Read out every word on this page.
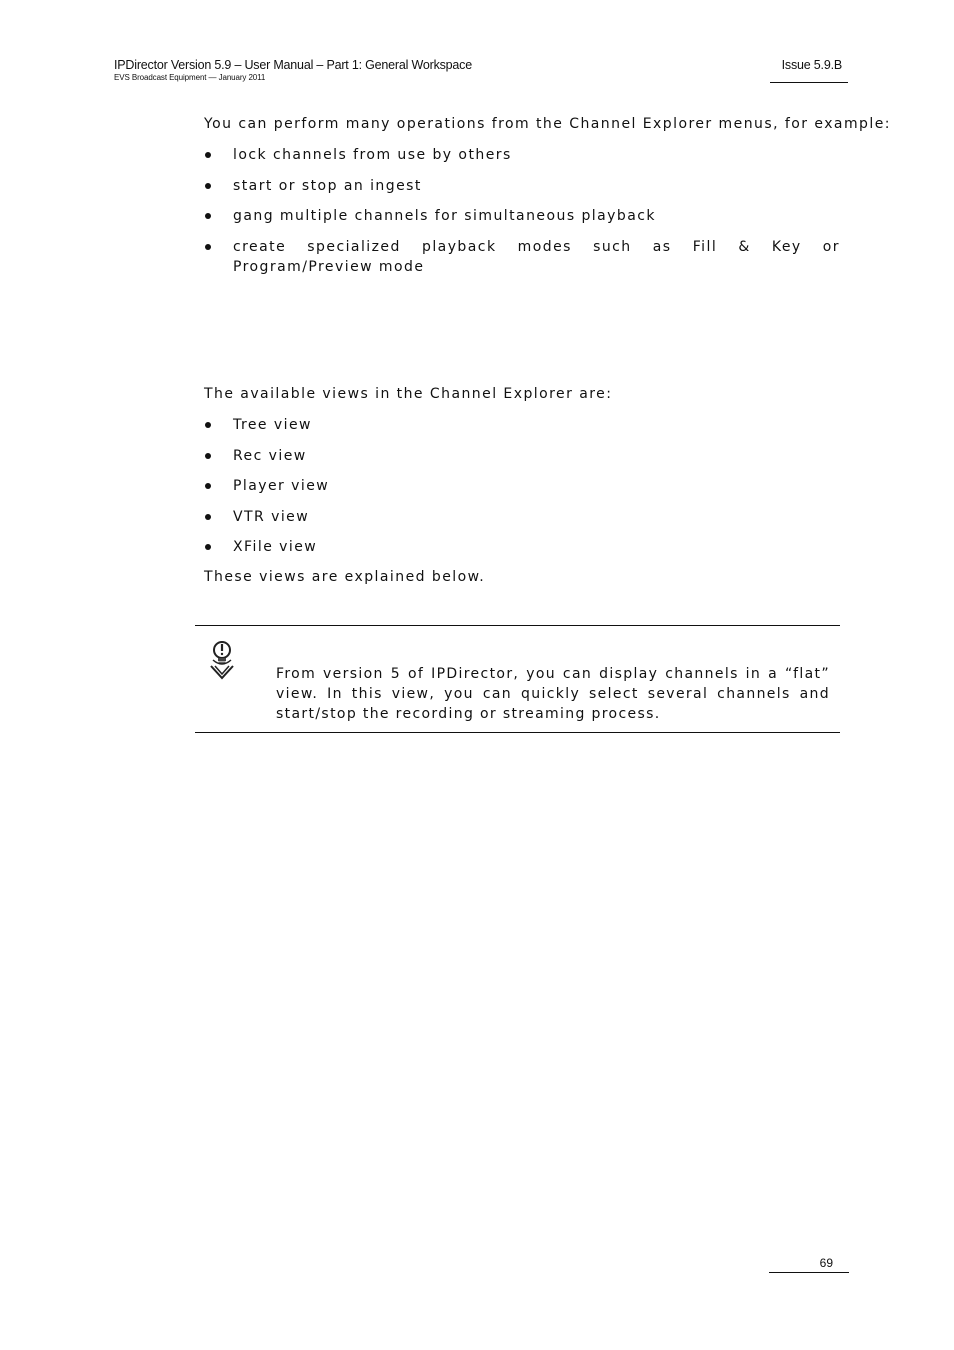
IPDirector Version 5.9 – User Manual – Part 1: General Workspace
EVS Broadcast Equipment — January 2011
Issue 5.9.B
You can perform many operations from the Channel Explorer menus, for example:
lock channels from use by others
start or stop an ingest
gang multiple channels for simultaneous playback
create specialized playback modes such as Fill & Key or Program/Preview mode
The available views in the Channel Explorer are:
Tree view
Rec view
Player view
VTR view
XFile view
These views are explained below.
From version 5 of IPDirector, you can display channels in a “flat” view. In this view, you can quickly select several channels and start/stop the recording or streaming process.
69
